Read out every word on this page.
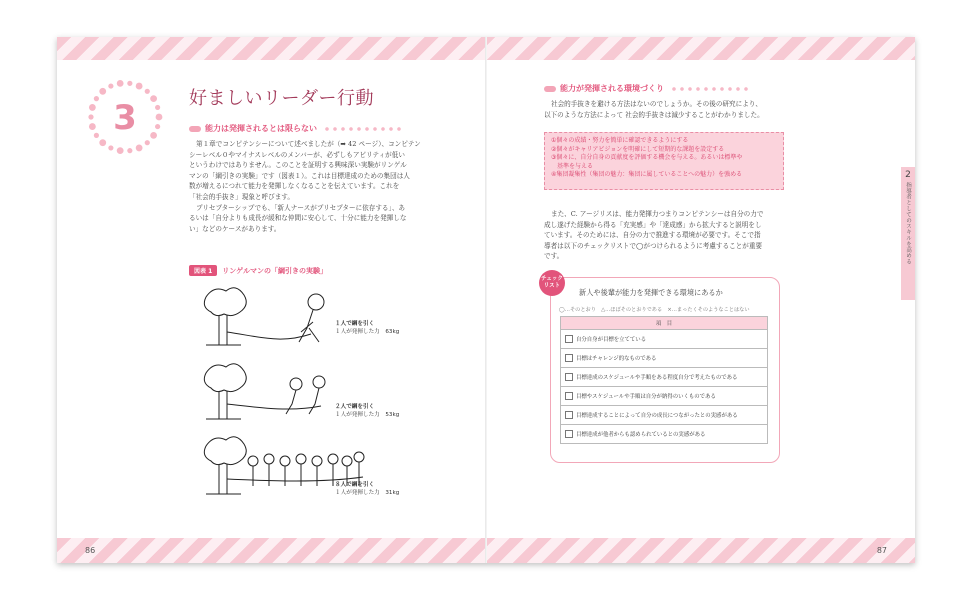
3	好ましいリーダー行動
能力は発揮されるとは限らない
第１章でコンピテンシーについて述べましたが（➡ 42 ページ）、コンピテン
シーレベル０やマイナスレベルのメンバーが、必ずしもアビリティが低い
というわけではありません。このことを証明する興味深い実験がリンゲル
マンの「綱引きの実験」です（図表１）。これは目標達成のための集団は人
数が増えるにつれて能力を発揮しなくなることを伝えています。これを
「社会的手抜き」現象と呼びます。
プリセプターシップでも、「新人ナースがプリセプターに依存する」、あ
るいは「自分よりも成長が緩和な仲間に安心して、十分に能力を発揮しな
い」などのケースがあります。
図表 1	リンゲルマンの「綱引きの実験」
１人で綱を引く
１人が発揮した力　63kg
２人で綱を引く
１人が発揮した力　53kg
８人で綱を引く
１人が発揮した力　31kg
86
能力が発揮される環境づくり
社会的手抜きを避ける方法はないのでしょうか。その後の研究により、
以下のような方法によって 社会的手抜きは減少することがわかりました。
①個々の成績・努力を簡単に確認できるようにする
②個々がキャリアビジョンを明確にして短期的な課題を設定する
③個々に、自分自身の貢献度を評価する機会を与える。あるいは標準や
　基準を与える
④集団凝集性（集団の魅力：集団に属していることへの魅力）を強める
また、C. アージリスは、能力発揮力つまりコンピテンシーは自分の力で
成し遂げた経験から得る「充実感」や「達成感」から拡大すると説明をし
ています。そのためには、自分の力で推進する環境が必要です。そこで指
導者は以下のチェックリストで◯がつけられるように考慮することが重要
です。
新人や後輩が能力を発揮できる環境にあるか
◯…そのとおり　△…ほぼそのとおりである　×…まったくそのようなことはない
項　目
自分自身が目標を立てている
目標はチャレンジ的なものである
目標達成のスケジュールや手順をある程度自分で考えたものである
目標やスケジュールや手順は自分が納得のいくものである
目標達成することによって自分の成長につながったとの実感がある
目標達成が他者からも認められているとの実感がある
チェック
リスト
2
指導者としてのスキルを高める
87
